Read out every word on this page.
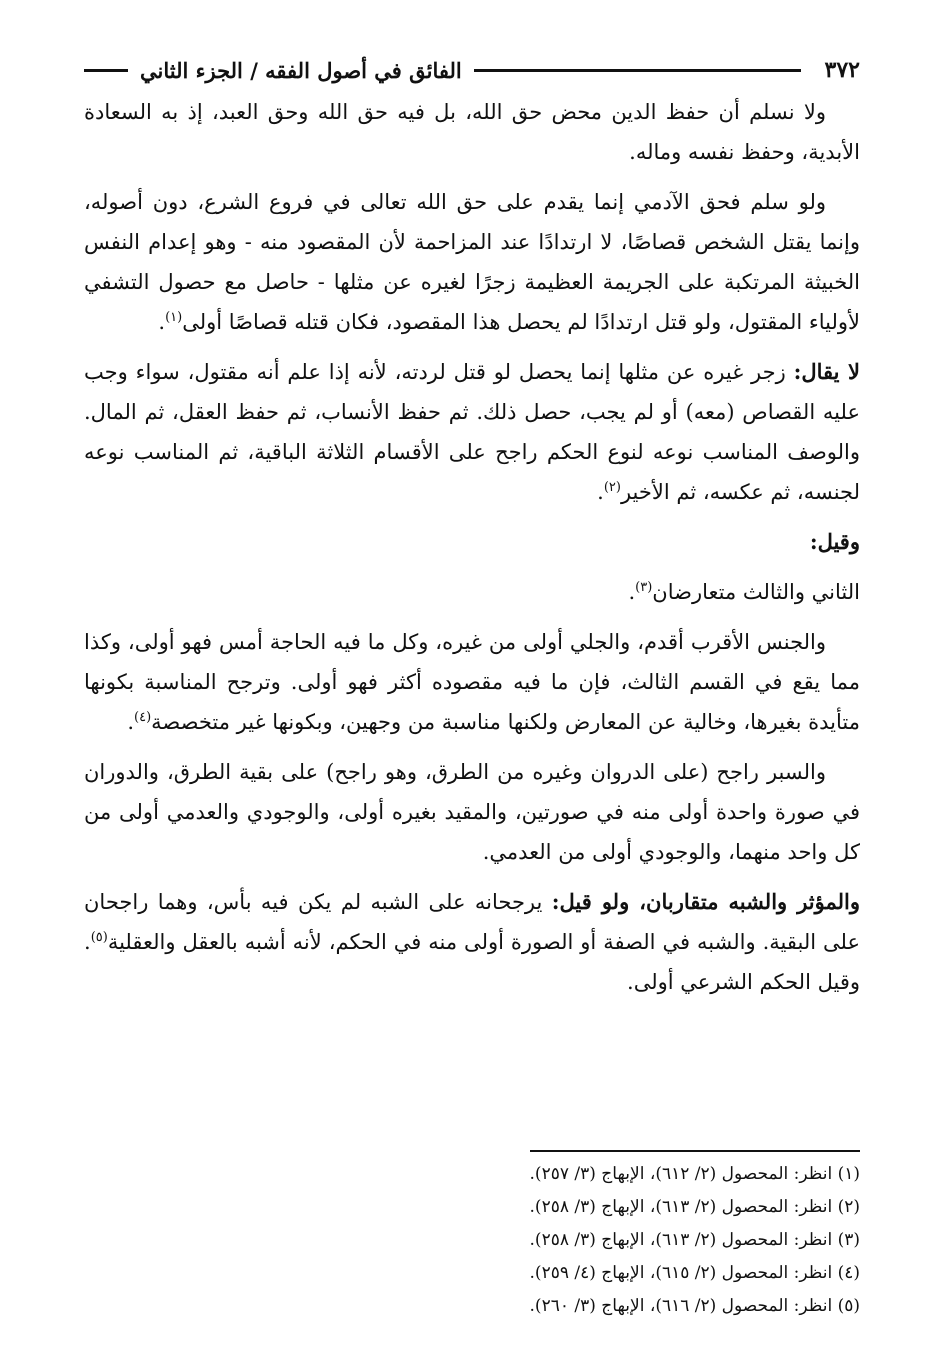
٣٧٢
الفائق في أصول الفقه / الجزء الثاني

ولا نسلم أن حفظ الدين محض حق الله، بل فيه حق الله وحق العبد، إذ به السعادة الأبدية، وحفظ نفسه وماله.

ولو سلم فحق الآدمي إنما يقدم على حق الله تعالى في فروع الشرع، دون أصوله، وإنما يقتل الشخص قصاصًا، لا ارتدادًا عند المزاحمة لأن المقصود منه - وهو إعدام النفس الخبيثة المرتكبة على الجريمة العظيمة زجرًا لغيره عن مثلها - حاصل مع حصول التشفي لأولياء المقتول، ولو قتل ارتدادًا لم يحصل هذا المقصود، فكان قتله قصاصًا أولى$^{(١)}$.

لا يقال: زجر غيره عن مثلها إنما يحصل لو قتل لردته، لأنه إذا علم أنه مقتول، سواء وجب عليه القصاص (معه) أو لم يجب، حصل ذلك. ثم حفظ الأنساب، ثم حفظ العقل، ثم المال. والوصف المناسب نوعه لنوع الحكم راجح على الأقسام الثلاثة الباقية، ثم المناسب نوعه لجنسه، ثم عكسه، ثم الأخير$^{(٢)}$.

وقيل:

الثاني والثالث متعارضان$^{(٣)}$.

والجنس الأقرب أقدم، والجلي أولى من غيره، وكل ما فيه الحاجة أمس فهو أولى، وكذا مما يقع في القسم الثالث، فإن ما فيه مقصوده أكثر فهو أولى. وترجح المناسبة بكونها متأيدة بغيرها، وخالية عن المعارض ولكنها مناسبة من وجهين، وبكونها غير متخصصة$^{(٤)}$.

والسبر راجح (على الدروان وغيره من الطرق، وهو راجح) على بقية الطرق، والدوران في صورة واحدة أولى منه في صورتين، والمقيد بغيره أولى، والوجودي والعدمي أولى من كل واحد منهما، والوجودي أولى من العدمي.

والمؤثر والشبه متقاربان، ولو قيل: يرجحانه على الشبه لم يكن فيه بأس، وهما راجحان على البقية. والشبه في الصفة أو الصورة أولى منه في الحكم، لأنه أشبه بالعقل والعقلية$^{(٥)}$. وقيل الحكم الشرعي أولى.

(١) انظر: المحصول (٢/ ٦١٢)، الإبهاج (٣/ ٢٥٧).
(٢) انظر: المحصول (٢/ ٦١٣)، الإبهاج (٣/ ٢٥٨).
(٣) انظر: المحصول (٢/ ٦١٣)، الإبهاج (٣/ ٢٥٨).
(٤) انظر: المحصول (٢/ ٦١٥)، الإبهاج (٤/ ٢٥٩).
(٥) انظر: المحصول (٢/ ٦١٦)، الإبهاج (٣/ ٢٦٠).
